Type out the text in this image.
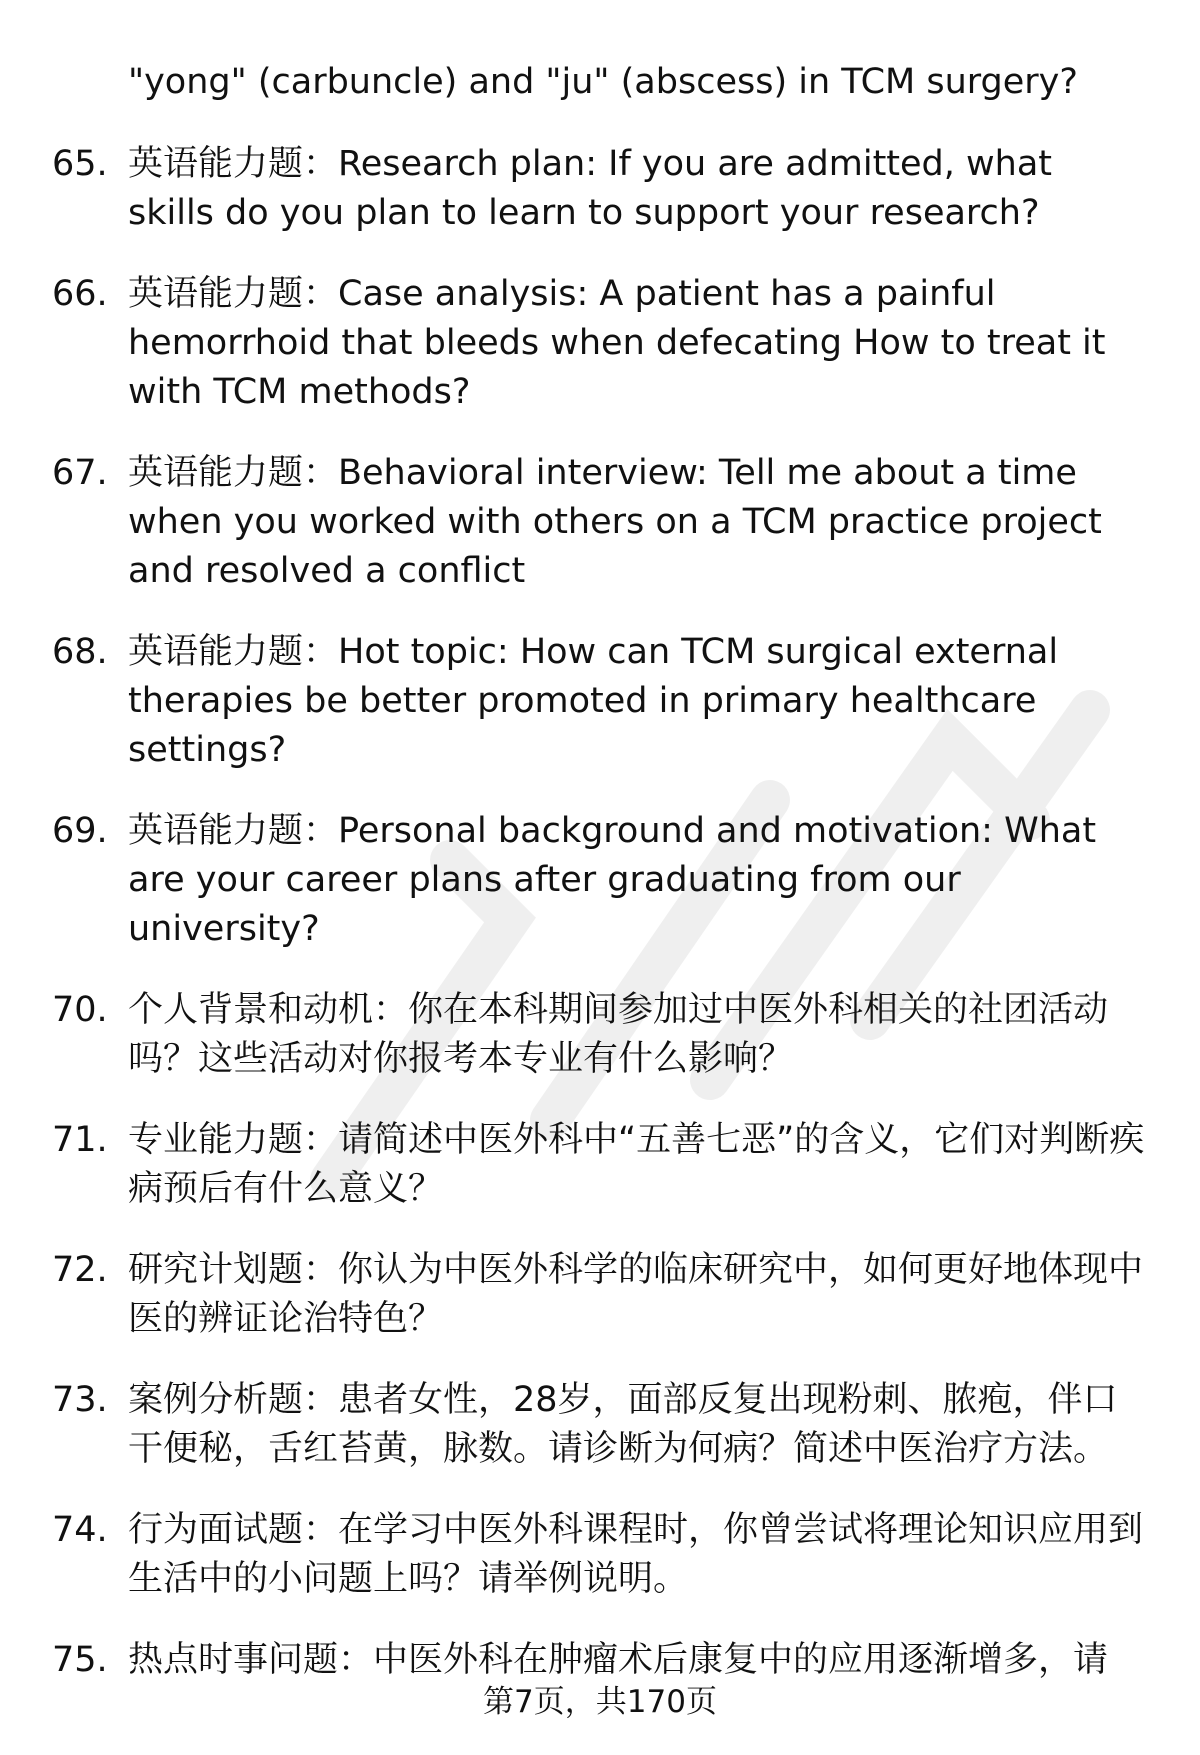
"yong" (carbuncle) and "ju" (abscess) in TCM surgery?
65. 英语能力题：Research plan: If you are admitted, what skills do you plan to learn to support your research?
66. 英语能力题：Case analysis: A patient has a painful hemorrhoid that bleeds when defecating How to treat it with TCM methods?
67. 英语能力题：Behavioral interview: Tell me about a time when you worked with others on a TCM practice project and resolved a conflict
68. 英语能力题：Hot topic: How can TCM surgical external therapies be better promoted in primary healthcare settings?
69. 英语能力题：Personal background and motivation: What are your career plans after graduating from our university?
70. 个人背景和动机：你在本科期间参加过中医外科相关的社团活动吗？这些活动对你报考本专业有什么影响？
71. 专业能力题：请简述中医外科中“五善七恶”的含义，它们对判断疾病预后有什么意义？
72. 研究计划题：你认为中医外科学的临床研究中，如何更好地体现中医的辨证论治特色？
73. 案例分析题：患者女性，28岁，面部反复出现粉刺、脓疱，伴口干便秘，舌红苔黄，脉数。请诊断为何病？简述中医治疗方法。
74. 行为面试题：在学习中医外科课程时，你曾尝试将理论知识应用到生活中的小问题上吗？请举例说明。
75. 热点时事问题：中医外科在肿瘤术后康复中的应用逐渐增多，请
第7页，共170页
